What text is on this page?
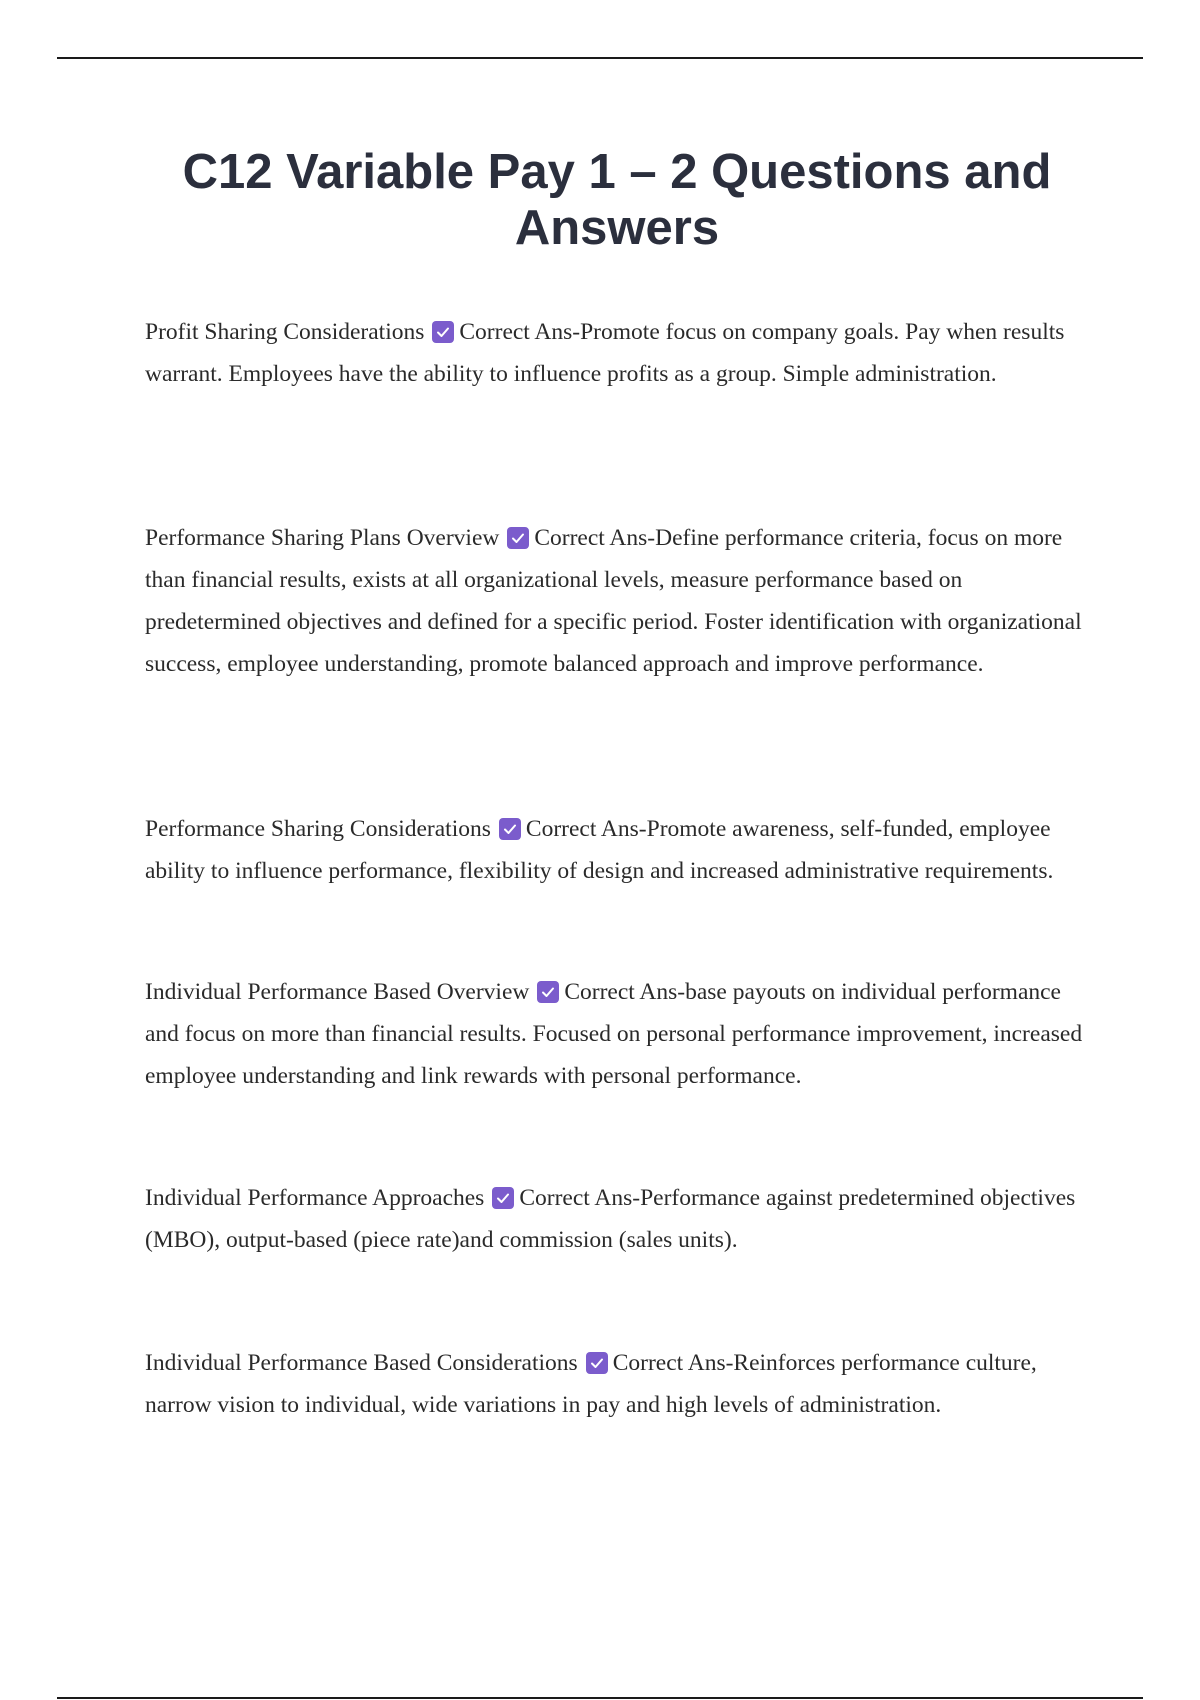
C12 Variable Pay 1 – 2 Questions and Answers

Profit Sharing Considerations Correct Ans-Promote focus on company goals. Pay when results warrant. Employees have the ability to influence profits as a group. Simple administration.

Performance Sharing Plans Overview Correct Ans-Define performance criteria, focus on more than financial results, exists at all organizational levels, measure performance based on predetermined objectives and defined for a specific period. Foster identification with organizational success, employee understanding, promote balanced approach and improve performance.

Performance Sharing Considerations Correct Ans-Promote awareness, self-funded, employee ability to influence performance, flexibility of design and increased administrative requirements.

Individual Performance Based Overview Correct Ans-base payouts on individual performance and focus on more than financial results. Focused on personal performance improvement, increased employee understanding and link rewards with personal performance.

Individual Performance Approaches Correct Ans-Performance against predetermined objectives (MBO), output-based (piece rate)and commission (sales units).

Individual Performance Based Considerations Correct Ans-Reinforces performance culture, narrow vision to individual, wide variations in pay and high levels of administration.
